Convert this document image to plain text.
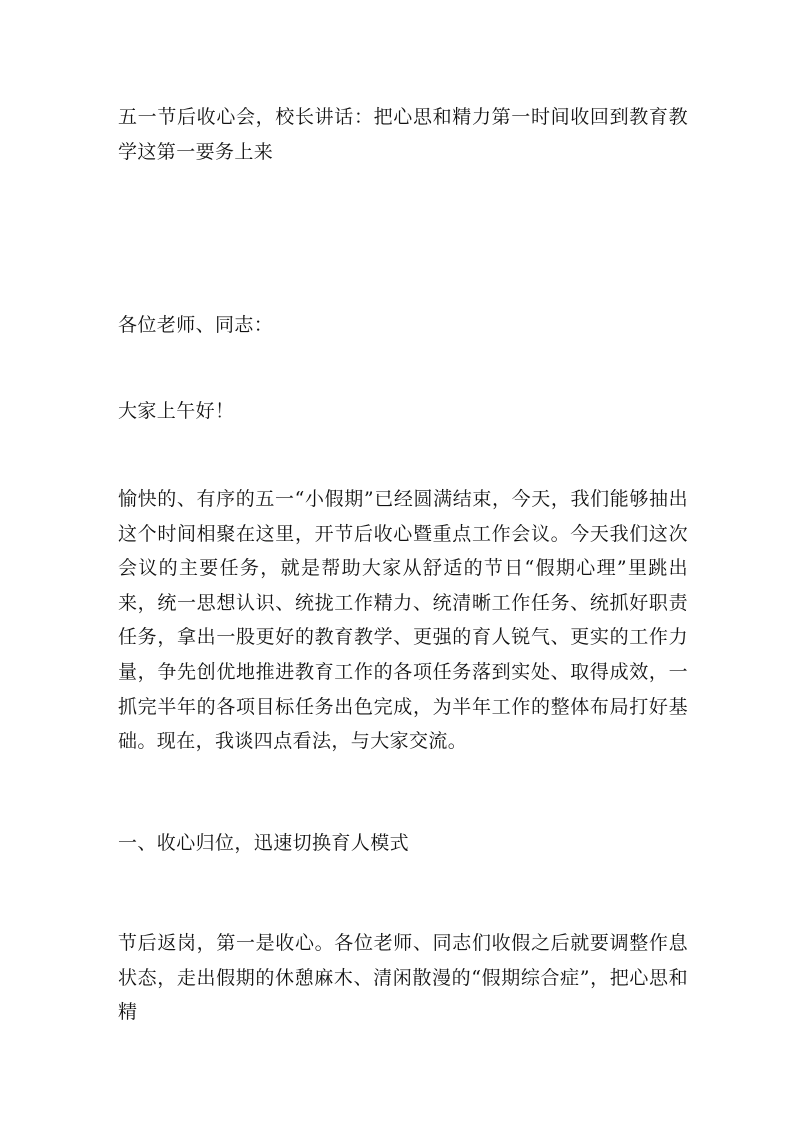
五一节后收心会，校长讲话：把心思和精力第一时间收回到教育教学这第一要务上来

各位老师、同志：

大家上午好！

愉快的、有序的五一“小假期”已经圆满结束，今天，我们能够抽出这个时间相聚在这里，开节后收心暨重点工作会议。今天我们这次会议的主要任务，就是帮助大家从舒适的节日“假期心理”里跳出来，统一思想认识、统拢工作精力、统清晰工作任务、统抓好职责任务，拿出一股更好的教育教学、更强的育人锐气、更实的工作力量，争先创优地推进教育工作的各项任务落到实处、取得成效，一抓完半年的各项目标任务出色完成，为半年工作的整体布局打好基础。现在，我谈四点看法，与大家交流。

一、收心归位，迅速切换育人模式

节后返岗，第一是收心。各位老师、同志们收假之后就要调整作息状态，走出假期的休憩麻木、清闲散漫的“假期综合症”，把心思和精
